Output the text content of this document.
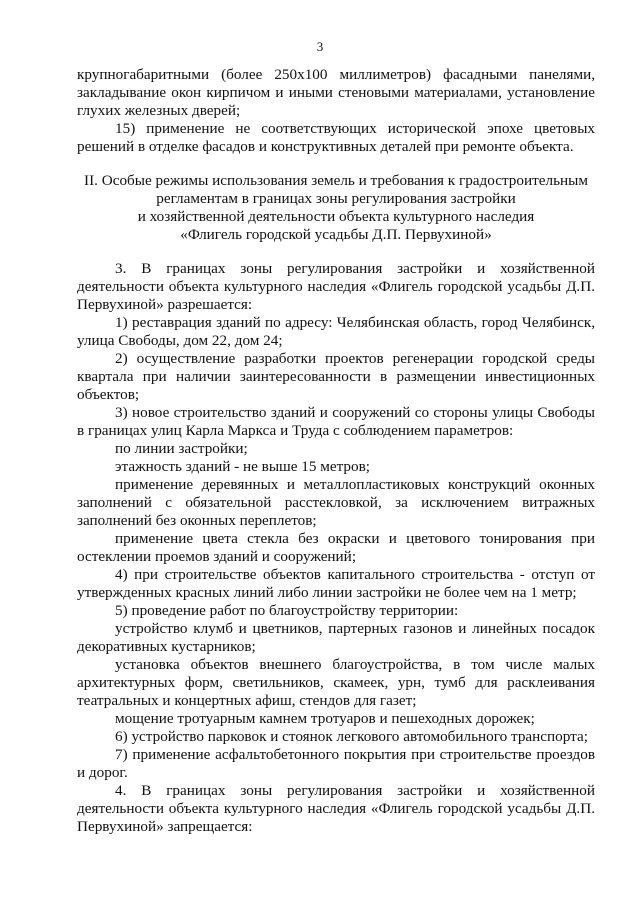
3

крупногабаритными (более 250х100 миллиметров) фасадными панелями, закладывание окон кирпичом и иными стеновыми материалами, установление глухих железных дверей;

15) применение не соответствующих исторической эпохе цветовых решений в отделке фасадов и конструктивных деталей при ремонте объекта.

II. Особые режимы использования земель и требования к градостроительным
регламентам в границах зоны регулирования застройки
и хозяйственной деятельности объекта культурного наследия
«Флигель городской усадьбы Д.П. Первухиной»

3. В границах зоны регулирования застройки и хозяйственной деятельности объекта культурного наследия «Флигель городской усадьбы Д.П. Первухиной» разрешается:

1) реставрация зданий по адресу: Челябинская область, город Челябинск, улица Свободы, дом 22, дом 24;

2) осуществление разработки проектов регенерации городской среды квартала при наличии заинтересованности в размещении инвестиционных объектов;

3) новое строительство зданий и сооружений со стороны улицы Свободы в границах улиц Карла Маркса и Труда с соблюдением параметров:

по линии застройки;

этажность зданий - не выше 15 метров;

применение деревянных и металлопластиковых конструкций оконных заполнений с обязательной расстекловкой, за исключением витражных заполнений без оконных переплетов;

применение цвета стекла без окраски и цветового тонирования при остеклении проемов зданий и сооружений;

4) при строительстве объектов капитального строительства - отступ от утвержденных красных линий либо линии застройки не более чем на 1 метр;

5) проведение работ по благоустройству территории:

устройство клумб и цветников, партерных газонов и линейных посадок декоративных кустарников;

установка объектов внешнего благоустройства, в том числе малых архитектурных форм, светильников, скамеек, урн, тумб для расклеивания театральных и концертных афиш, стендов для газет;

мощение тротуарным камнем тротуаров и пешеходных дорожек;

6) устройство парковок и стоянок легкового автомобильного транспорта;

7) применение асфальтобетонного покрытия при строительстве проездов и дорог.

4. В границах зоны регулирования застройки и хозяйственной деятельности объекта культурного наследия «Флигель городской усадьбы Д.П. Первухиной» запрещается:
